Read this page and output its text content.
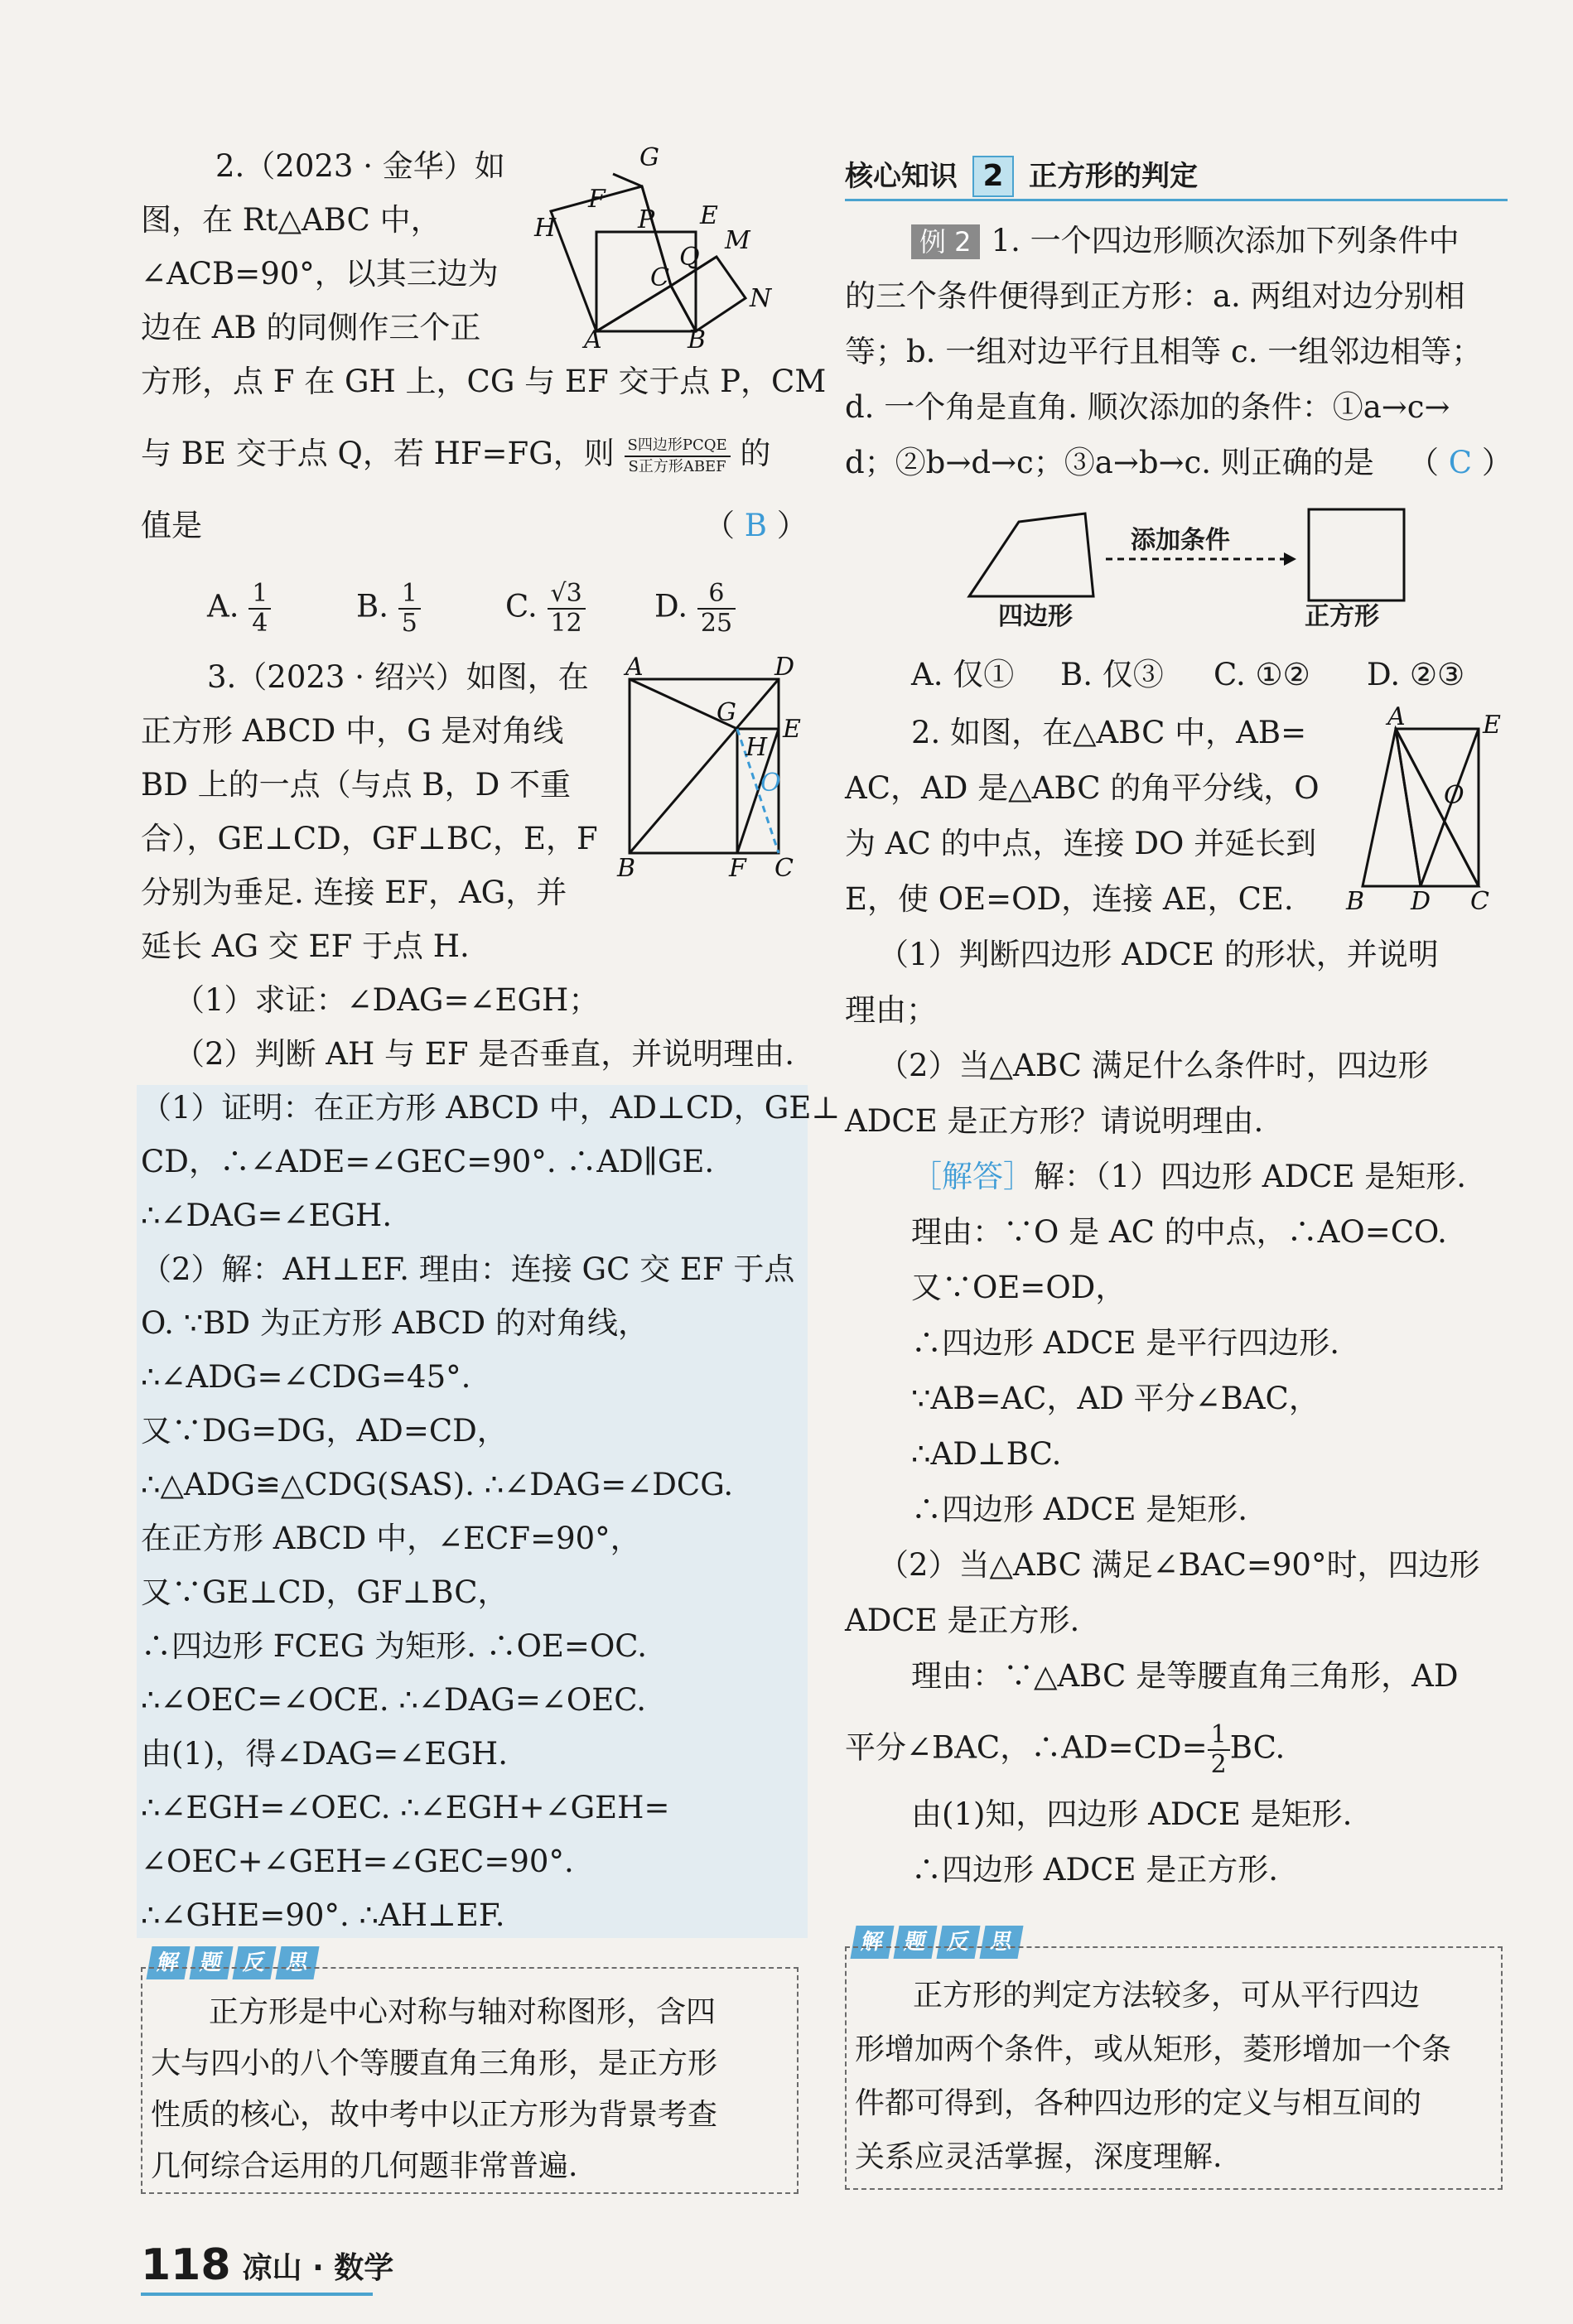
2.（2023 · 金华）如
图，在 Rt△ABC 中，
∠ACB=90°，以其三边为
边在 AB 的同侧作三个正
方形，点 F 在 GH 上，CG 与 EF 交于点 P，CM
与 BE 交于点 Q，若 HF=FG，则 $\frac{\text{S四边形PCQE}}{\text{S正方形ABEF}}$ 的
值是	（ B ）
A. $\frac{1}{4}$	B. $\frac{1}{5}$	C. $\frac{√3}{12} D$. $\frac{6}{25}$
G
F
E
H	P
M
Q
C
N
A	B
3.（2023 · 绍兴）如图，在
正方形 ABCD 中，G 是对角线
BD 上的一点（与点 B，D 不重
合），GE⊥CD，GF⊥BC，E，F
分别为垂足. 连接 EF，AG，并
延长 AG 交 EF 于点 H.
（1）求证：∠DAG=∠EGH；
（2）判断 AH 与 EF 是否垂直，并说明理由.
A	D
G
E
H
O
B	F C
（1）证明：在正方形 ABCD 中，AD⊥CD，GE⊥
CD，∴∠ADE=∠GEC=90°. ∴AD∥GE.
∴∠DAG=∠EGH.
（2）解：AH⊥EF. 理由：连接 GC 交 EF 于点
O. ∵BD 为正方形 ABCD 的对角线，
∴∠ADG=∠CDG=45°.
又∵DG=DG，AD=CD，
∴△ADG≌△CDG(SAS). ∴∠DAG=∠DCG.
在正方形 ABCD 中，∠ECF=90°，
又∵GE⊥CD，GF⊥BC，
∴四边形 FCEG 为矩形. ∴OE=OC.
∴∠OEC=∠OCE. ∴∠DAG=∠OEC.
由(1)，得∠DAG=∠EGH.
∴∠EGH=∠OEC. ∴∠EGH+∠GEH=
∠OEC+∠GEH=∠GEC=90°.
∴∠GHE=90°. ∴AH⊥EF.
解 题 反 思
正方形是中心对称与轴对称图形，含四
大与四小的八个等腰直角三角形，是正方形
性质的核心，故中考中以正方形为背景考查
几何综合运用的几何题非常普遍.
核心知识 2 正方形的判定
例 2 1. 一个四边形顺次添加下列条件中
的三个条件便得到正方形：a. 两组对边分别相
等；b. 一组对边平行且相等 c. 一组邻边相等；
d. 一个角是直角. 顺次添加的条件：①a→c→
d；②b→d→c；③a→b→c. 则正确的是 （ C ）
四边形
添加条件
正方形
A. 仅① B. 仅③ C. ①② D. ②③
2. 如图，在△ABC 中，AB=
AC，AD 是△ABC 的角平分线，O
为 AC 的中点，连接 DO 并延长到
E，使 OE=OD，连接 AE，CE.
（1）判断四边形 ADCE 的形状，并说明
理由；
（2）当△ABC 满足什么条件时，四边形
ADCE 是正方形？请说明理由.
A	E
O
B D C
［解答］解：（1）四边形 ADCE 是矩形.
理由：∵O 是 AC 的中点，∴AO=CO.
又∵OE=OD，
∴四边形 ADCE 是平行四边形.
∵AB=AC，AD 平分∠BAC，
∴AD⊥BC.
∴四边形 ADCE 是矩形.
（2）当△ABC 满足∠BAC=90°时，四边形
ADCE 是正方形.
理由：∵△ABC 是等腰直角三角形，AD
平分∠BAC，∴AD=CD= $\frac{1}{2}$ BC.
由(1)知，四边形 ADCE 是矩形.
∴四边形 ADCE 是正方形.
解 题 反 思
正方形的判定方法较多，可从平行四边
形增加两个条件，或从矩形，菱形增加一个条
件都可得到，各种四边形的定义与相互间的
关系应灵活掌握，深度理解.
118 凉山 · 数学
